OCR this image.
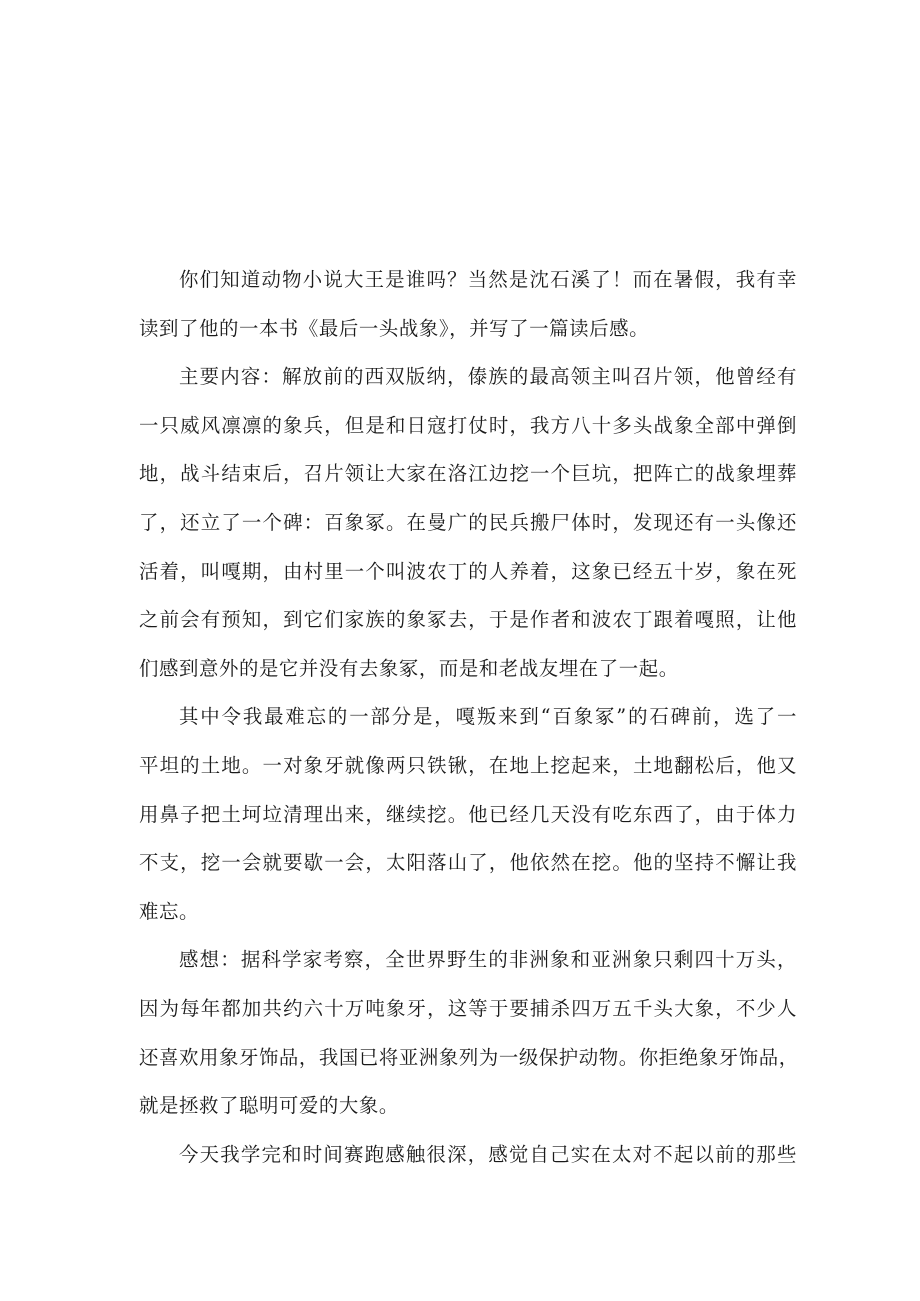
你们知道动物小说大王是谁吗？当然是沈石溪了！而在暑假，我有幸
读到了他的一本书《最后一头战象》，并写了一篇读后感。
主要内容：解放前的西双版纳，傣族的最高领主叫召片领，他曾经有
一只威风凛凛的象兵，但是和日寇打仗时，我方八十多头战象全部中弹倒
地，战斗结束后，召片领让大家在洛江边挖一个巨坑，把阵亡的战象埋葬
了，还立了一个碑：百象冢。在曼广的民兵搬尸体时，发现还有一头像还
活着，叫嘎期，由村里一个叫波农丁的人养着，这象已经五十岁，象在死
之前会有预知，到它们家族的象冢去，于是作者和波农丁跟着嘎照，让他
们感到意外的是它并没有去象冢，而是和老战友埋在了一起。
其中令我最难忘的一部分是，嘎叛来到“百象冢”的石碑前，选了一
平坦的土地。一对象牙就像两只铁锹，在地上挖起来，土地翻松后，他又
用鼻子把土坷垃清理出来，继续挖。他已经几天没有吃东西了，由于体力
不支，挖一会就要歇一会，太阳落山了，他依然在挖。他的坚持不懈让我
难忘。
感想：据科学家考察，全世界野生的非洲象和亚洲象只剩四十万头，
因为每年都加共约六十万吨象牙，这等于要捕杀四万五千头大象，不少人
还喜欢用象牙饰品，我国已将亚洲象列为一级保护动物。你拒绝象牙饰品，
就是拯救了聪明可爱的大象。
今天我学完和时间赛跑感触很深，感觉自己实在太对不起以前的那些
